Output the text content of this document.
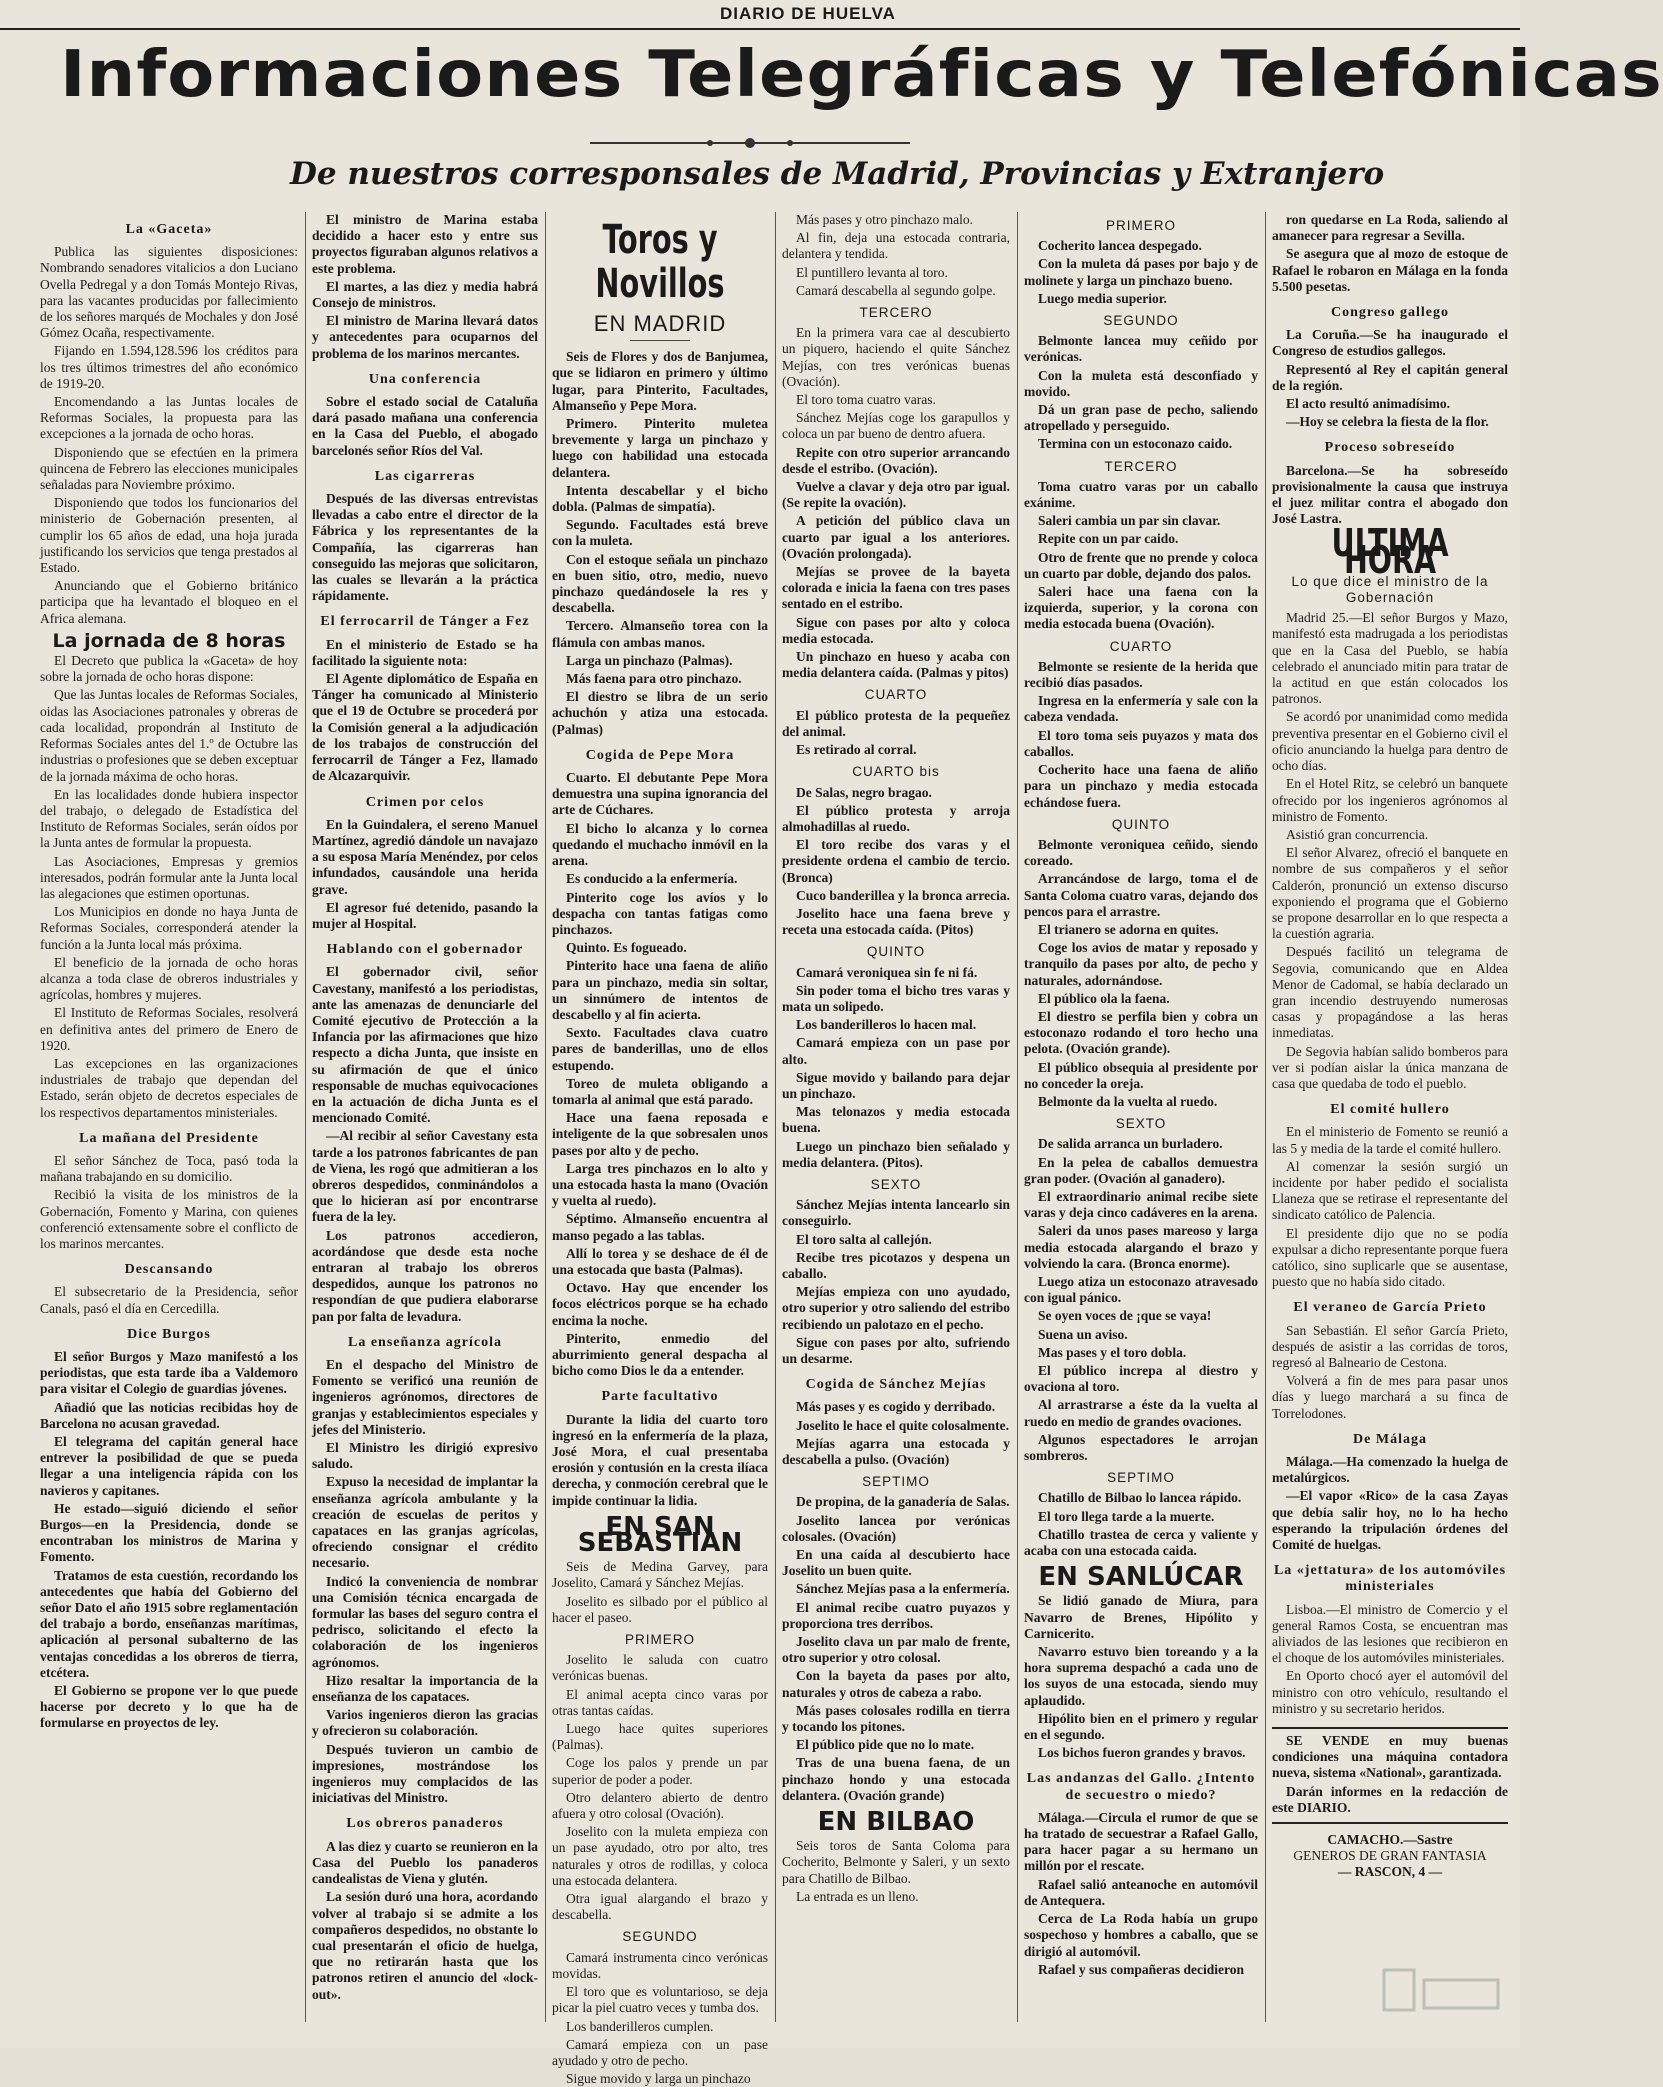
DIARIO DE HUELVA
Informaciones Telegráficas y Telefónicas
De nuestros corresponsales de Madrid, Provincias y Extranjero
La «Gaceta»

Publica las siguientes disposiciones: Nombrando senadores vitalicios a don Luciano Ovella Pedregal y a don Tomás Montejo Rivas, para las vacantes producidas por fallecimiento de los señores marqués de Mochales y don José Gómez Ocaña, respectivamente.

Fijando en 1.594,128.596 los créditos para los tres últimos trimestres del año económico de 1919-20.

Encomendando a las Juntas locales de Reformas Sociales, la propuesta para las excepciones a la jornada de ocho horas.

Disponiendo que se efectúen en la primera quincena de Febrero las elecciones municipales señaladas para Noviembre próximo.

Disponiendo que todos los funcionarios del ministerio de Gobernación presenten, al cumplir los 65 años de edad, una hoja jurada justificando los servicios que tenga prestados al Estado.

Anunciando que el Gobierno británico participa que ha levantado el bloqueo en el Africa alemana.

La jornada de 8 horas

El Decreto que publica la «Gaceta» de hoy sobre la jornada de ocho horas dispone:

Que las Juntas locales de Reformas Sociales, oidas las Asociaciones patronales y obreras de cada localidad, propondrán al Instituto de Reformas Sociales antes del 1.º de Octubre las industrias o profesiones que se deben exceptuar de la jornada máxima de ocho horas.

En las localidades donde hubiera inspector del trabajo, o delegado de Estadística del Instituto de Reformas Sociales, serán oídos por la Junta antes de formular la propuesta.

Las Asociaciones, Empresas y gremios interesados, podrán formular ante la Junta local las alegaciones que estimen oportunas.

Los Municipios en donde no haya Junta de Reformas Sociales, corresponderá atender la función a la Junta local más próxima.

El beneficio de la jornada de ocho horas alcanza a toda clase de obreros industriales y agrícolas, hombres y mujeres.

El Instituto de Reformas Sociales, resolverá en definitiva antes del primero de Enero de 1920.

Las excepciones en las organizaciones industriales de trabajo que dependan del Estado, serán objeto de decretos especiales de los respectivos departamentos ministeriales.

La mañana del Presidente

El señor Sánchez de Toca, pasó toda la mañana trabajando en su domicilio.

Recibió la visita de los ministros de la Gobernación, Fomento y Marina, con quienes conferenció extensamente sobre el conflicto de los marinos mercantes.

Descansando

El subsecretario de la Presidencia, señor Canals, pasó el día en Cercedilla.

Dice Burgos

El señor Burgos y Mazo manifestó a los periodistas, que esta tarde iba a Valdemoro para visitar el Colegio de guardias jóvenes.

Añadió que las noticias recibidas hoy de Barcelona no acusan gravedad.

El telegrama del capitán general hace entrever la posibilidad de que se pueda llegar a una inteligencia rápida con los navieros y capitanes.

He estado—siguió diciendo el señor Burgos—en la Presidencia, donde se encontraban los ministros de Marina y Fomento.

Tratamos de esta cuestión, recordando los antecedentes que había del Gobierno del señor Dato el año 1915 sobre reglamentación del trabajo a bordo, enseñanzas marítimas, aplicación al personal subalterno de las ventajas concedidas a los obreros de tierra, etcétera.

El Gobierno se propone ver lo que puede hacerse por decreto y lo que ha de formularse en proyectos de ley.

El ministro de Marina estaba decidido a hacer esto y entre sus proyectos figuraban algunos relativos a este problema.

El martes, a las diez y media habrá Consejo de ministros.

El ministro de Marina llevará datos y antecedentes para ocuparnos del problema de los marinos mercantes.

Una conferencia

Sobre el estado social de Cataluña dará pasado mañana una conferencia en la Casa del Pueblo, el abogado barcelonés señor Ríos del Val.

Las cigarreras

Después de las diversas entrevistas llevadas a cabo entre el director de la Fábrica y los representantes de la Compañía, las cigarreras han conseguido las mejoras que solicitaron, las cuales se llevarán a la práctica rápidamente.

El ferrocarril de Tánger a Fez

En el ministerio de Estado se ha facilitado la siguiente nota:

El Agente diplomático de España en Tánger ha comunicado al Ministerio que el 19 de Octubre se procederá por la Comisión general a la adjudicación de los trabajos de construcción del ferrocarril de Tánger a Fez, llamado de Alcazarquivir.

Crimen por celos

En la Guindalera, el sereno Manuel Martínez, agredió dándole un navajazo a su esposa María Menéndez, por celos infundados, causándole una herida grave.

El agresor fué detenido, pasando la mujer al Hospital.

Hablando con el gobernador

El gobernador civil, señor Cavestany, manifestó a los periodistas, ante las amenazas de denunciarle del Comité ejecutivo de Protección a la Infancia por las afirmaciones que hizo respecto a dicha Junta, que insiste en su afirmación de que el único responsable de muchas equivocaciones en la actuación de dicha Junta es el mencionado Comité.

—Al recibir al señor Cavestany esta tarde a los patronos fabricantes de pan de Viena, les rogó que admitieran a los obreros despedidos, conminándolos a que lo hicieran así por encontrarse fuera de la ley.

Los patronos accedieron, acordándose que desde esta noche entraran al trabajo los obreros despedidos, aunque los patronos no respondían de que pudiera elaborarse pan por falta de levadura.

La enseñanza agrícola

En el despacho del Ministro de Fomento se verificó una reunión de ingenieros agrónomos, directores de granjas y establecimientos especiales y jefes del Ministerio.

El Ministro les dirigió expresivo saludo.

Expuso la necesidad de implantar la enseñanza agrícola ambulante y la creación de escuelas de peritos y capataces en las granjas agrícolas, ofreciendo consignar el crédito necesario.

Indicó la conveniencia de nombrar una Comisión técnica encargada de formular las bases del seguro contra el pedrisco, solicitando el efecto la colaboración de los ingenieros agrónomos.

Hizo resaltar la importancia de la enseñanza de los capataces.

Varios ingenieros dieron las gracias y ofrecieron su colaboración.

Después tuvieron un cambio de impresiones, mostrándose los ingenieros muy complacidos de las iniciativas del Ministro.

Los obreros panaderos

A las diez y cuarto se reunieron en la Casa del Pueblo los panaderos candealistas de Viena y glutén.

La sesión duró una hora, acordando volver al trabajo si se admite a los compañeros despedidos, no obstante lo cual presentarán el oficio de huelga, que no retirarán hasta que los patronos retiren el anuncio del «lock-out».

Toros y Novillos
EN MADRID

Seis de Flores y dos de Banjumea, que se lidiaron en primero y último lugar, para Pinterito, Facultades, Almanseño y Pepe Mora.

Primero. Pinterito muletea brevemente y larga un pinchazo y luego con habilidad una estocada delantera.

Intenta descabellar y el bicho dobla. (Palmas de simpatía).

Segundo. Facultades está breve con la muleta.

Con el estoque señala un pinchazo en buen sitio, otro, medio, nuevo pinchazo quedándosele la res y descabella.

Tercero. Almanseño torea con la flámula con ambas manos.

Larga un pinchazo (Palmas).

Más faena para otro pinchazo.

El diestro se libra de un serio achuchón y atiza una estocada. (Palmas)

Cogida de Pepe Mora

Cuarto. El debutante Pepe Mora demuestra una supina ignorancia del arte de Cúchares.

El bicho lo alcanza y lo cornea quedando el muchacho inmóvil en la arena.

Es conducido a la enfermería.

Pinterito coge los avíos y lo despacha con tantas fatigas como pinchazos.

Quinto. Es fogueado.

Pinterito hace una faena de aliño para un pinchazo, media sin soltar, un sinnúmero de intentos de descabello y al fin acierta.

Sexto. Facultades clava cuatro pares de banderillas, uno de ellos estupendo.

Toreo de muleta obligando a tomarla al animal que está parado.

Hace una faena reposada e inteligente de la que sobresalen unos pases por alto y de pecho.

Larga tres pinchazos en lo alto y una estocada hasta la mano (Ovación y vuelta al ruedo).

Séptimo. Almanseño encuentra al manso pegado a las tablas.

Allí lo torea y se deshace de él de una estocada que basta (Palmas).

Octavo. Hay que encender los focos eléctricos porque se ha echado encima la noche.

Pinterito, enmedio del aburrimiento general despacha al bicho como Dios le da a entender.

Parte facultativo

Durante la lidia del cuarto toro ingresó en la enfermería de la plaza, José Mora, el cual presentaba erosión y contusión en la cresta ilíaca derecha, y conmoción cerebral que le impide continuar la lidia.

EN SAN SEBASTIAN

Seis de Medina Garvey, para Joselito, Camará y Sánchez Mejías.

Joselito es silbado por el público al hacer el paseo.

PRIMERO

Joselito le saluda con cuatro verónicas buenas.

El animal acepta cinco varas por otras tantas caídas.

Luego hace quites superiores (Palmas).

Coge los palos y prende un par superior de poder a poder.

Otro delantero abierto de dentro afuera y otro colosal (Ovación).

Joselito con la muleta empieza con un pase ayudado, otro por alto, tres naturales y otros de rodillas, y coloca una estocada delantera.

Otra igual alargando el brazo y descabella.

SEGUNDO

Camará instrumenta cinco verónicas movidas.

El toro que es voluntarioso, se deja picar la piel cuatro veces y tumba dos.

Los banderilleros cumplen.

Camará empieza con un pase ayudado y otro de pecho.

Sigue movido y larga un pinchazo

Más pases y otro pinchazo malo.

Al fin, deja una estocada contraria, delantera y tendida.

El puntillero levanta al toro.

Camará descabella al segundo golpe.

TERCERO

En la primera vara cae al descubierto un piquero, haciendo el quite Sánchez Mejías, con tres verónicas buenas (Ovación).

El toro toma cuatro varas.

Sánchez Mejías coge los garapullos y coloca un par bueno de dentro afuera.

Repite con otro superior arrancando desde el estribo. (Ovación).

Vuelve a clavar y deja otro par igual. (Se repite la ovación).

A petición del público clava un cuarto par igual a los anteriores. (Ovación prolongada).

Mejías se provee de la bayeta colorada e inicia la faena con tres pases sentado en el estribo.

Sigue con pases por alto y coloca media estocada.

Un pinchazo en hueso y acaba con media delantera caída. (Palmas y pitos)

CUARTO

El público protesta de la pequeñez del animal.

Es retirado al corral.

CUARTO bis

De Salas, negro bragao.

El público protesta y arroja almohadillas al ruedo.

El toro recibe dos varas y el presidente ordena el cambio de tercio. (Bronca)

Cuco banderillea y la bronca arrecia.

Joselito hace una faena breve y receta una estocada caída. (Pitos)

QUINTO

Camará veroniquea sin fe ni fá.

Sin poder toma el bicho tres varas y mata un solipedo.

Los banderilleros lo hacen mal.

Camará empieza con un pase por alto.

Sigue movido y bailando para dejar un pinchazo.

Mas telonazos y media estocada buena.

Luego un pinchazo bien señalado y media delantera. (Pitos).

SEXTO

Sánchez Mejías intenta lancearlo sin conseguirlo.

El toro salta al callejón.

Recibe tres picotazos y despena un caballo.

Mejías empieza con uno ayudado, otro superior y otro saliendo del estribo recibiendo un palotazo en el pecho.

Sigue con pases por alto, sufriendo un desarme.

Cogida de Sánchez Mejías

Más pases y es cogido y derribado.

Joselito le hace el quite colosalmente.

Mejías agarra una estocada y descabella a pulso. (Ovación)

SEPTIMO

De propina, de la ganadería de Salas.

Joselito lancea por verónicas colosales. (Ovación)

En una caída al descubierto hace Joselito un buen quite.

Sánchez Mejías pasa a la enfermería.

El animal recibe cuatro puyazos y proporciona tres derribos.

Joselito clava un par malo de frente, otro superior y otro colosal.

Con la bayeta da pases por alto, naturales y otros de cabeza a rabo.

Más pases colosales rodilla en tierra y tocando los pitones.

El público pide que no lo mate.

Tras de una buena faena, de un pinchazo hondo y una estocada delantera. (Ovación grande)

EN BILBAO

Seis toros de Santa Coloma para Cocherito, Belmonte y Saleri, y un sexto para Chatillo de Bilbao.

La entrada es un lleno.

PRIMERO

Cocherito lancea despegado.

Con la muleta dá pases por bajo y de molinete y larga un pinchazo bueno.

Luego media superior.

SEGUNDO

Belmonte lancea muy ceñido por verónicas.

Con la muleta está desconfiado y movido.

Dá un gran pase de pecho, saliendo atropellado y perseguido.

Termina con un estoconazo caido.

TERCERO

Toma cuatro varas por un caballo exánime.

Saleri cambia un par sin clavar.

Repite con un par caido.

Otro de frente que no prende y coloca un cuarto par doble, dejando dos palos.

Saleri hace una faena con la izquierda, superior, y la corona con media estocada buena (Ovación).

CUARTO

Belmonte se resiente de la herida que recibió días pasados.

Ingresa en la enfermería y sale con la cabeza vendada.

El toro toma seis puyazos y mata dos caballos.

Cocherito hace una faena de aliño para un pinchazo y media estocada echándose fuera.

QUINTO

Belmonte veroniquea ceñido, siendo coreado.

Arrancándose de largo, toma el de Santa Coloma cuatro varas, dejando dos pencos para el arrastre.

El trianero se adorna en quites.

Coge los avios de matar y reposado y tranquilo da pases por alto, de pecho y naturales, adornándose.

El público ola la faena.

El diestro se perfila bien y cobra un estoconazo rodando el toro hecho una pelota. (Ovación grande).

El público obsequia al presidente por no conceder la oreja.

Belmonte da la vuelta al ruedo.

SEXTO

De salida arranca un burladero.

En la pelea de caballos demuestra gran poder. (Ovación al ganadero).

El extraordinario animal recibe siete varas y deja cinco cadáveres en la arena.

Saleri da unos pases mareoso y larga media estocada alargando el brazo y volviendo la cara. (Bronca enorme).

Luego atiza un estoconazo atravesado con igual pánico.

Se oyen voces de ¡que se vaya!

Suena un aviso.

Mas pases y el toro dobla.

El público increpa al diestro y ovaciona al toro.

Al arrastrarse a éste da la vuelta al ruedo en medio de grandes ovaciones.

Algunos espectadores le arrojan sombreros.

SEPTIMO

Chatillo de Bilbao lo lancea rápido.

El toro llega tarde a la muerte.

Chatillo trastea de cerca y valiente y acaba con una estocada caida.

EN SANLÚCAR

Se lidió ganado de Miura, para Navarro de Brenes, Hipólito y Carnicerito.

Navarro estuvo bien toreando y a la hora suprema despachó a cada uno de los suyos de una estocada, siendo muy aplaudido.

Hipólito bien en el primero y regular en el segundo.

Los bichos fueron grandes y bravos.

Las andanzas del Gallo. ¿Intento de secuestro o miedo?

Málaga.—Circula el rumor de que se ha tratado de secuestrar a Rafael Gallo, para hacer pagar a su hermano un millón por el rescate.

Rafael salió anteanoche en automóvil de Antequera.

Cerca de La Roda había un grupo sospechoso y hombres a caballo, que se dirigió al automóvil.

Rafael y sus compañeras decidieron

ron quedarse en La Roda, saliendo al amanecer para regresar a Sevilla.

Se asegura que al mozo de estoque de Rafael le robaron en Málaga en la fonda 5.500 pesetas.

Congreso gallego

La Coruña.—Se ha inaugurado el Congreso de estudios gallegos.

Representó al Rey el capitán general de la región.

El acto resultó animadísimo.

—Hoy se celebra la fiesta de la flor.

Proceso sobreseído

Barcelona.—Se ha sobreseído provisionalmente la causa que instruya el juez militar contra el abogado don José Lastra.

ULTIMA HORA
Lo que dice el ministro de la Gobernación

Madrid 25.—El señor Burgos y Mazo, manifestó esta madrugada a los periodistas que en la Casa del Pueblo, se había celebrado el anunciado mitin para tratar de la actitud en que están colocados los patronos.

Se acordó por unanimidad como medida preventiva presentar en el Gobierno civil el oficio anunciando la huelga para dentro de ocho días.

En el Hotel Ritz, se celebró un banquete ofrecido por los ingenieros agrónomos al ministro de Fomento.

Asistió gran concurrencia.

El señor Alvarez, ofreció el banquete en nombre de sus compañeros y el señor Calderón, pronunció un extenso discurso exponiendo el programa que el Gobierno se propone desarrollar en lo que respecta a la cuestión agraria.

Después facilitó un telegrama de Segovia, comunicando que en Aldea Menor de Cadomal, se había declarado un gran incendio destruyendo numerosas casas y propagándose a las heras inmediatas.

De Segovia habían salido bomberos para ver si podían aislar la única manzana de casa que quedaba de todo el pueblo.

El comité hullero

En el ministerio de Fomento se reunió a las 5 y media de la tarde el comité hullero.

Al comenzar la sesión surgió un incidente por haber pedido el socialista Llaneza que se retirase el representante del sindicato católico de Palencia.

El presidente dijo que no se podía expulsar a dicho representante porque fuera católico, sino suplicarle que se ausentase, puesto que no había sido citado.

El veraneo de García Prieto

San Sebastián. El señor García Prieto, después de asistir a las corridas de toros, regresó al Balneario de Cestona.

Volverá a fin de mes para pasar unos días y luego marchará a su finca de Torrelodones.

De Málaga

Málaga.—Ha comenzado la huelga de metalúrgicos.

—El vapor «Rico» de la casa Zayas que debía salir hoy, no lo ha hecho esperando la tripulación órdenes del Comité de huelgas.

La «jettatura» de los automóviles ministeriales

Lisboa.—El ministro de Comercio y el general Ramos Costa, se encuentran mas aliviados de las lesiones que recibieron en el choque de los automóviles ministeriales.

En Oporto chocó ayer el automóvil del ministro con otro vehículo, resultando el ministro y su secretario heridos.

SE VENDE en muy buenas condiciones una máquina contadora nueva, sistema «National», garantizada.

Darán informes en la redacción de este DIARIO.

CAMACHO.—Sastre
GENEROS DE GRAN FANTASIA
— RASCON, 4 —
